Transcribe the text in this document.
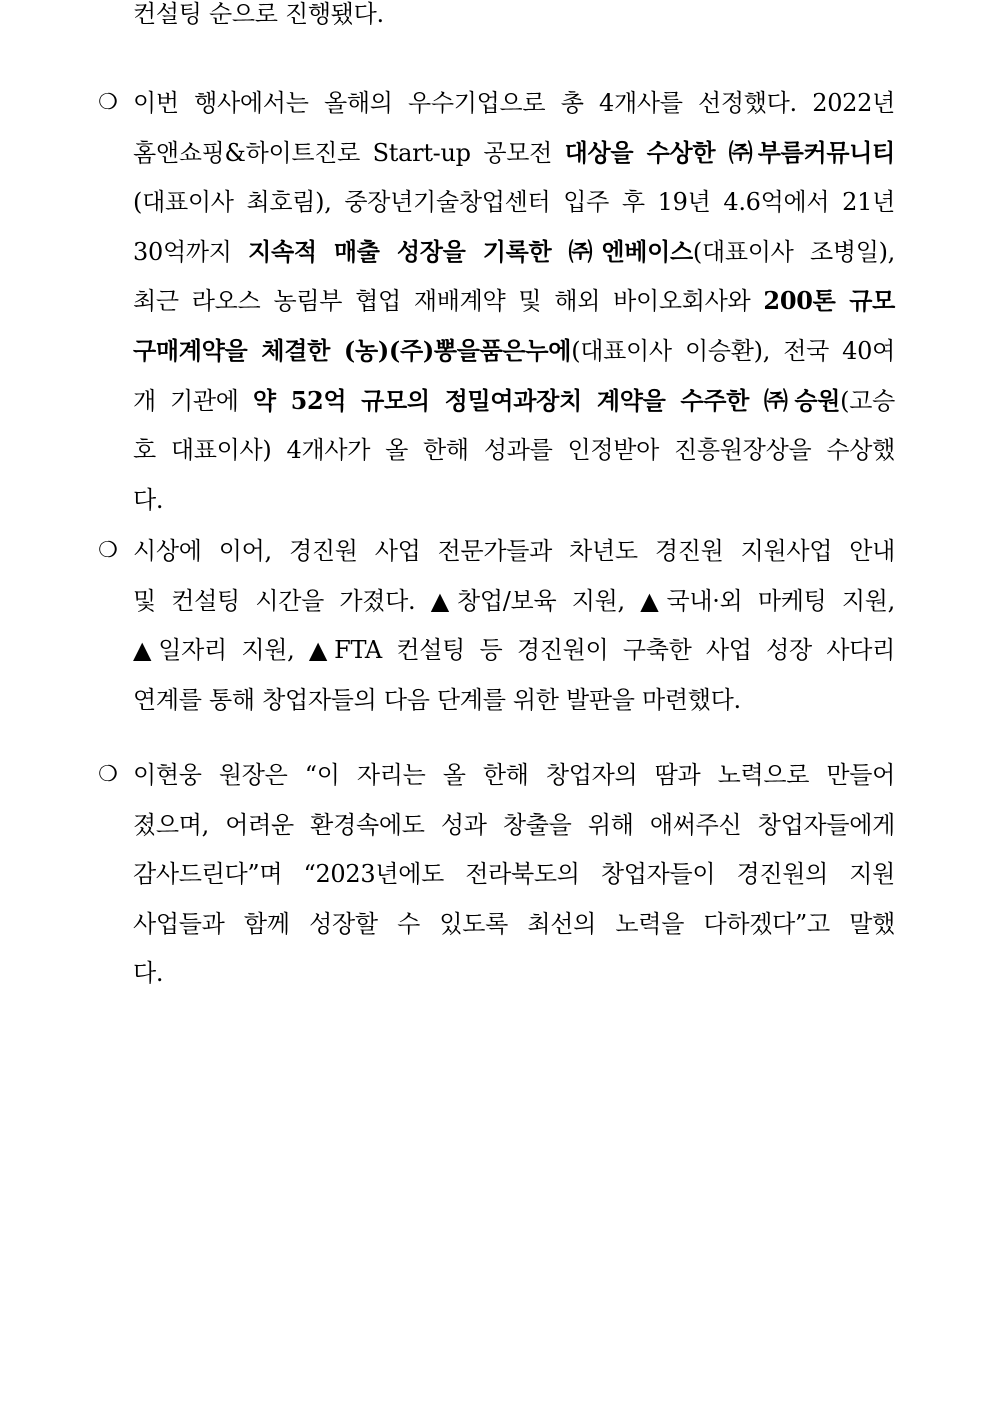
컨설팅 순으로 진행됐다.
❍ 이번 행사에서는 올해의 우수기업으로 총 4개사를 선정했다. 2022년
홈앤쇼핑&하이트진로 Start-up 공모전 대상을 수상한 ㈜부름커뮤니티
(대표이사 최호림), 중장년기술창업센터 입주 후 19년 4.6억에서 21년
30억까지 지속적 매출 성장을 기록한 ㈜엔베이스(대표이사 조병일),
최근 라오스 농림부 협업 재배계약 및 해외 바이오회사와 200톤 규모
구매계약을 체결한 (농)(주)뽕을품은누에(대표이사 이승환), 전국 40여
개 기관에 약 52억 규모의 정밀여과장치 계약을 수주한 ㈜승원(고승
호 대표이사) 4개사가 올 한해 성과를 인정받아 진흥원장상을 수상했
다.
❍ 시상에 이어, 경진원 사업 전문가들과 차년도 경진원 지원사업 안내
및 컨설팅 시간을 가졌다. ▲창업/보육 지원, ▲국내·외 마케팅 지원,
▲일자리 지원, ▲FTA 컨설팅 등 경진원이 구축한 사업 성장 사다리
연계를 통해 창업자들의 다음 단계를 위한 발판을 마련했다.
❍ 이현웅 원장은 “이 자리는 올 한해 창업자의 땀과 노력으로 만들어
졌으며, 어려운 환경속에도 성과 창출을 위해 애써주신 창업자들에게
감사드린다”며 “2023년에도 전라북도의 창업자들이 경진원의 지원
사업들과 함께 성장할 수 있도록 최선의 노력을 다하겠다”고 말했
다.
